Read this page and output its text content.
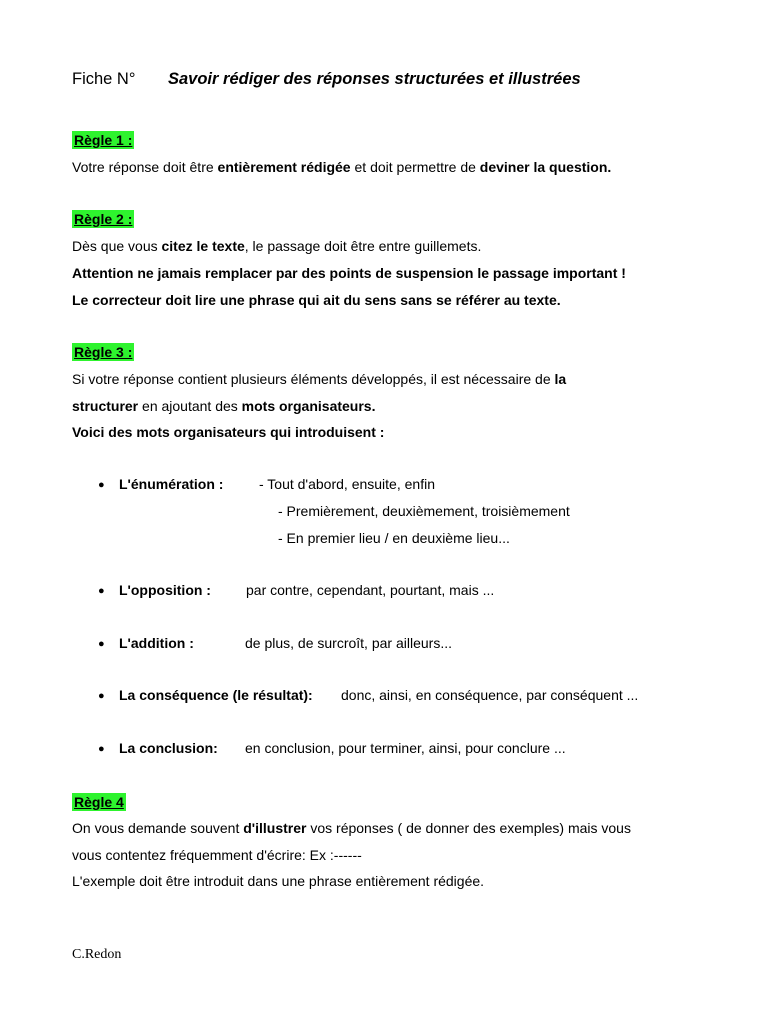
Fiche N° Savoir rédiger des réponses structurées et illustrées
Règle 1 :
Votre réponse doit être entièrement rédigée et doit permettre de deviner la question.
Règle 2 :
Dès que vous citez le texte, le passage doit être entre guillemets.
Attention ne jamais remplacer par des points de suspension le passage important !
Le correcteur doit lire une phrase qui ait du sens sans se référer au texte.
Règle 3 :
Si votre réponse contient plusieurs éléments développés, il est nécessaire de la
structurer en ajoutant des mots organisateurs.
Voici des mots organisateurs qui introduisent :
● L'énumération :	- Tout d'abord, ensuite, enfin
- Premièrement, deuxièmement, troisièmement
- En premier lieu / en deuxième lieu...
● L'opposition :	par contre, cependant, pourtant, mais ...
● L'addition :	de plus, de surcroît, par ailleurs...
● La conséquence (le résultat): donc, ainsi, en conséquence, par conséquent ...
● La conclusion: en conclusion, pour terminer, ainsi, pour conclure ...
Règle 4
On vous demande souvent d'illustrer vos réponses ( de donner des exemples) mais vous
vous contentez fréquemment d'écrire: Ex :------
L'exemple doit être introduit dans une phrase entièrement rédigée.
C.Redon
